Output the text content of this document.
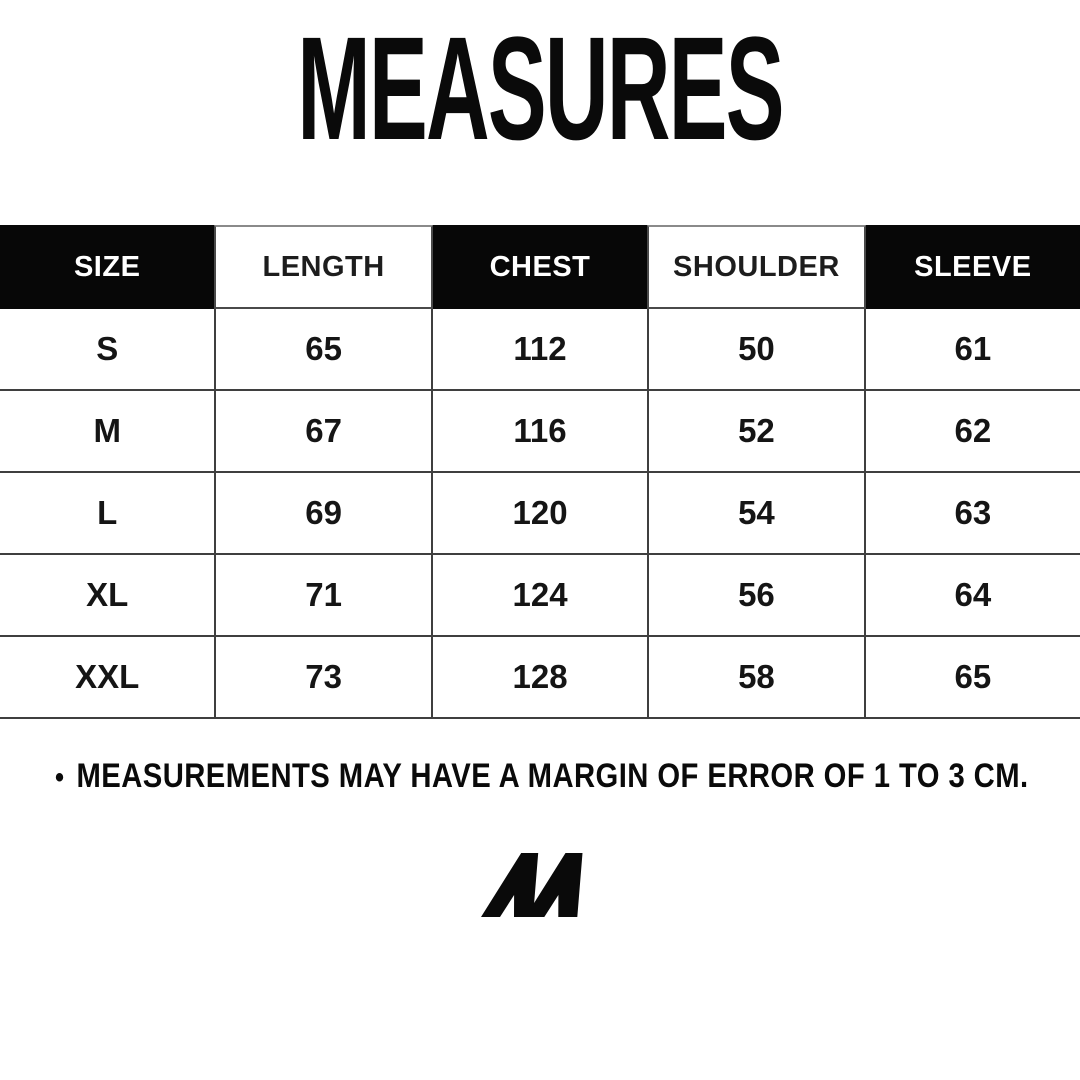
MEASURES
SIZE	LENGTH	CHEST	SHOULDER	SLEEVE
S	65	112	50	61
M	67	116	52	62
L	69	120	54	63
XL	71	124	56	64
XXL	73	128	58	65
• MEASUREMENTS MAY HAVE A MARGIN OF ERROR OF 1 TO 3 CM.
